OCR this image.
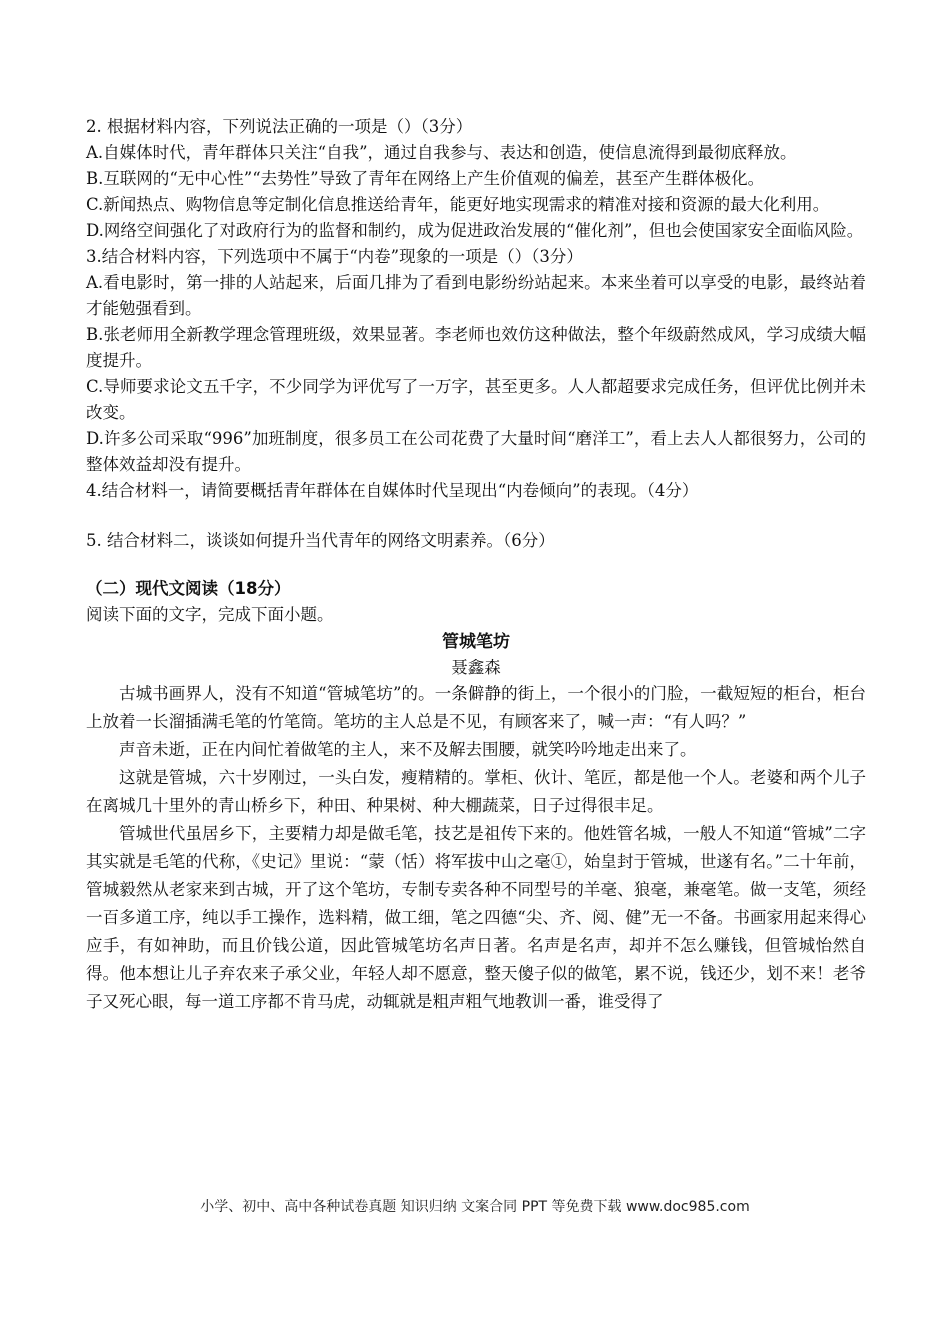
2. 根据材料内容，下列说法正确的一项是（）（3分）

A.自媒体时代，青年群体只关注“自我”，通过自我参与、表达和创造，使信息流得到最彻底释放。

B.互联网的“无中心性”“去势性”导致了青年在网络上产生价值观的偏差，甚至产生群体极化。

C.新闻热点、购物信息等定制化信息推送给青年，能更好地实现需求的精准对接和资源的最大化利用。

D.网络空间强化了对政府行为的监督和制约，成为促进政治发展的“催化剂”，但也会使国家安全面临风险。

3.结合材料内容，下列选项中不属于“内卷”现象的一项是（）（3分）

A.看电影时，第一排的人站起来，后面几排为了看到电影纷纷站起来。本来坐着可以享受的电影，最终站着才能勉强看到。

B.张老师用全新教学理念管理班级，效果显著。李老师也效仿这种做法，整个年级蔚然成风，学习成绩大幅度提升。

C.导师要求论文五千字，不少同学为评优写了一万字，甚至更多。人人都超要求完成任务，但评优比例并未改变。

D.许多公司采取“996”加班制度，很多员工在公司花费了大量时间“磨洋工”，看上去人人都很努力，公司的整体效益却没有提升。

4.结合材料一，请简要概括青年群体在自媒体时代呈现出“内卷倾向”的表现。（4分）

5. 结合材料二，谈谈如何提升当代青年的网络文明素养。（6分）

（二）现代文阅读（18分）

阅读下面的文字，完成下面小题。

管城笔坊

聂鑫森

古城书画界人，没有不知道“管城笔坊”的。一条僻静的街上，一个很小的门脸，一截短短的柜台，柜台上放着一长溜插满毛笔的竹笔筒。笔坊的主人总是不见，有顾客来了，喊一声：“有人吗？”

声音未逝，正在内间忙着做笔的主人，来不及解去围腰，就笑吟吟地走出来了。

这就是管城，六十岁刚过，一头白发，瘦精精的。掌柜、伙计、笔匠，都是他一个人。老婆和两个儿子在离城几十里外的青山桥乡下，种田、种果树、种大棚蔬菜，日子过得很丰足。

管城世代虽居乡下，主要精力却是做毛笔，技艺是祖传下来的。他姓管名城，一般人不知道“管城”二字其实就是毛笔的代称，《史记》里说：“蒙（恬）将军拔中山之毫①，始皇封于管城，世遂有名。”二十年前，管城毅然从老家来到古城，开了这个笔坊，专制专卖各种不同型号的羊毫、狼毫，兼毫笔。做一支笔，须经一百多道工序，纯以手工操作，选料精，做工细，笔之四德“尖、齐、阅、健”无一不备。书画家用起来得心应手，有如神助，而且价钱公道，因此管城笔坊名声日著。名声是名声，却并不怎么赚钱，但管城怡然自得。他本想让儿子弃农来子承父业，年轻人却不愿意，整天傻子似的做笔，累不说，钱还少，划不来！老爷子又死心眼，每一道工序都不肯马虎，动辄就是粗声粗气地教训一番，谁受得了

小学、初中、高中各种试卷真题 知识归纳 文案合同 PPT 等免费下载 www.doc985.com
